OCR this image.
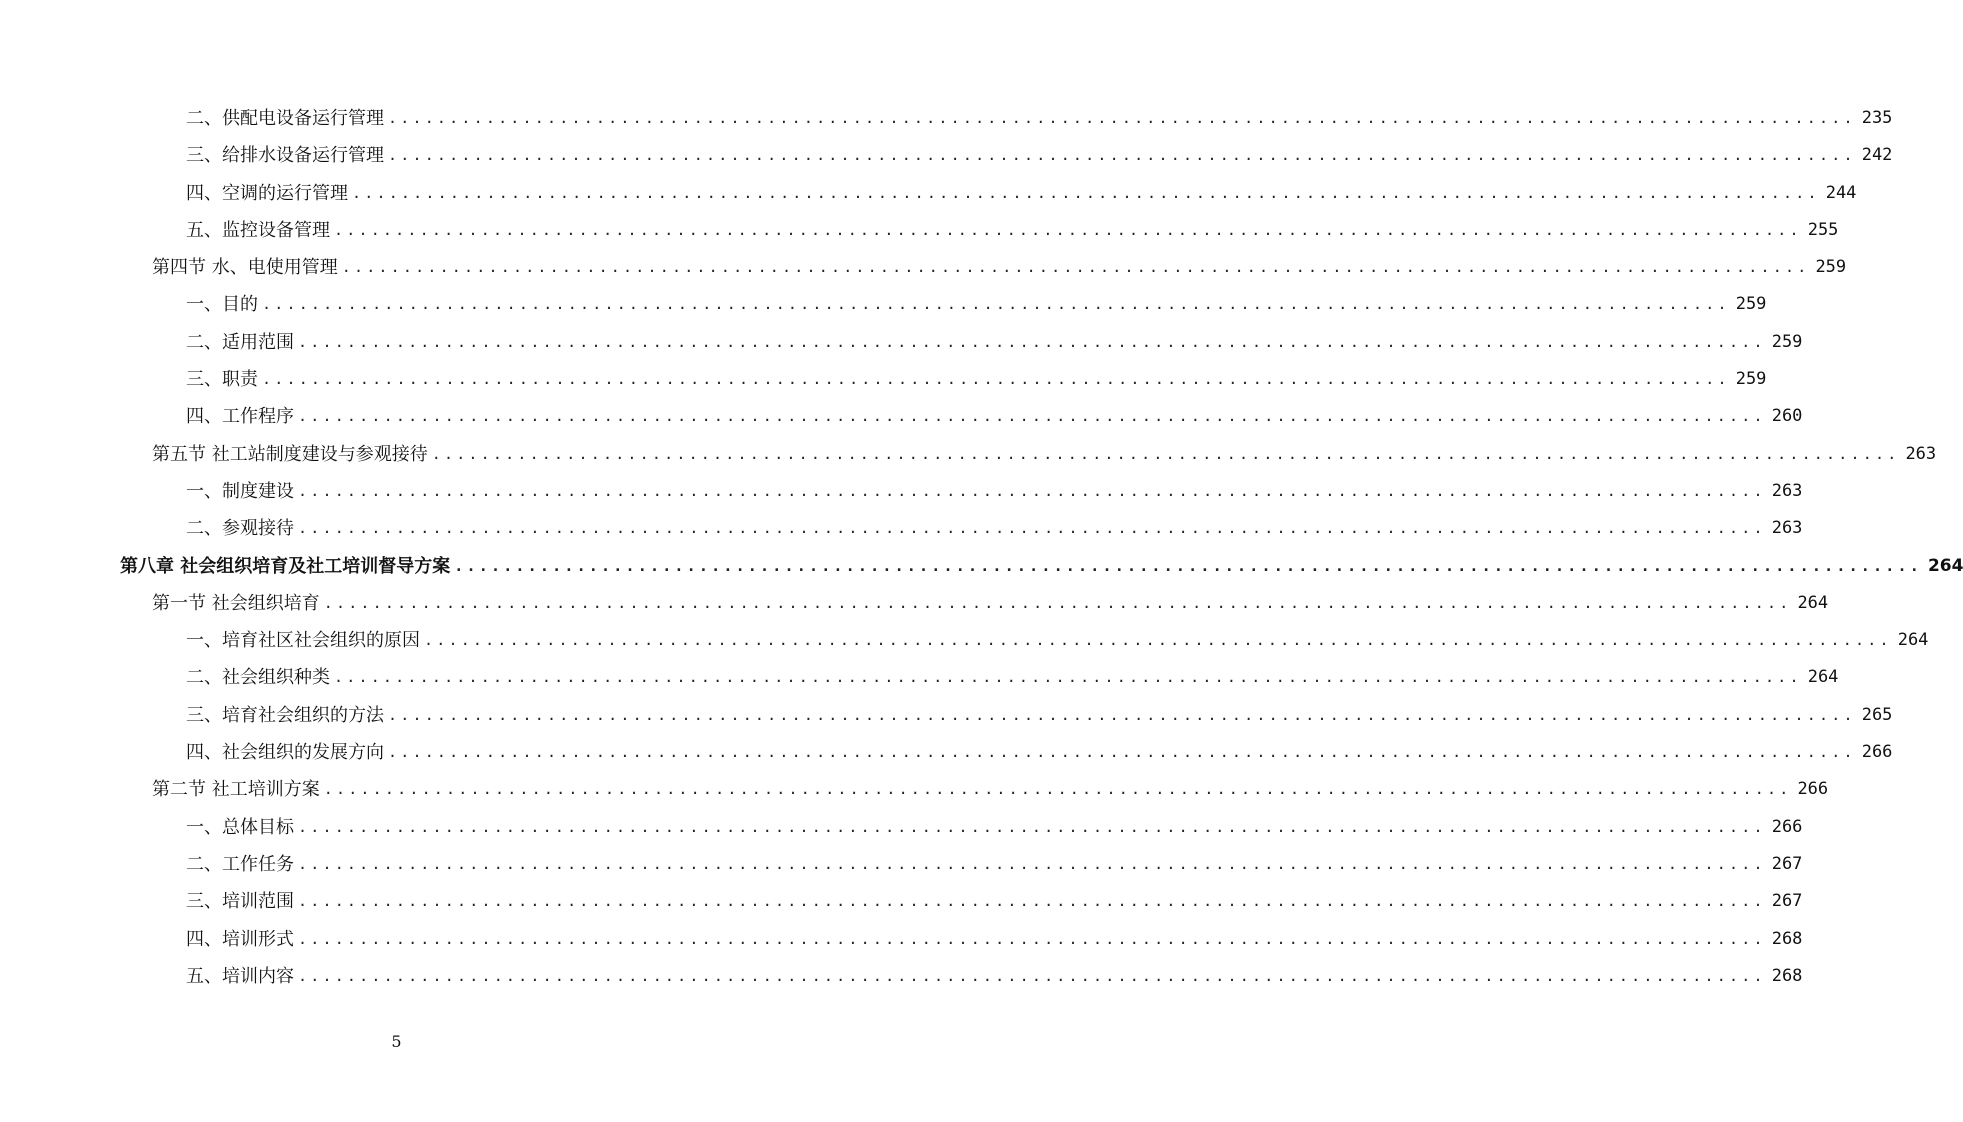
二、供配电设备运行管理 ........................................................................................................................ 235
三、给排水设备运行管理 ........................................................................................................................ 242
四、空调的运行管理 ........................................................................................................................ 244
五、监控设备管理 ........................................................................................................................ 255
第四节 水、电使用管理 ........................................................................................................................ 259
一、目的 ........................................................................................................................ 259
二、适用范围 ........................................................................................................................ 259
三、职责 ........................................................................................................................ 259
四、工作程序 ........................................................................................................................ 260
第五节 社工站制度建设与参观接待 ........................................................................................................................ 263
一、制度建设 ........................................................................................................................ 263
二、参观接待 ........................................................................................................................ 263
第八章 社会组织培育及社工培训督导方案 ........................................................................................................................ 264
第一节 社会组织培育 ........................................................................................................................ 264
一、培育社区社会组织的原因 ........................................................................................................................ 264
二、社会组织种类 ........................................................................................................................ 264
三、培育社会组织的方法 ........................................................................................................................ 265
四、社会组织的发展方向 ........................................................................................................................ 266
第二节 社工培训方案 ........................................................................................................................ 266
一、总体目标 ........................................................................................................................ 266
二、工作任务 ........................................................................................................................ 267
三、培训范围 ........................................................................................................................ 267
四、培训形式 ........................................................................................................................ 268
五、培训内容 ........................................................................................................................ 268
5
